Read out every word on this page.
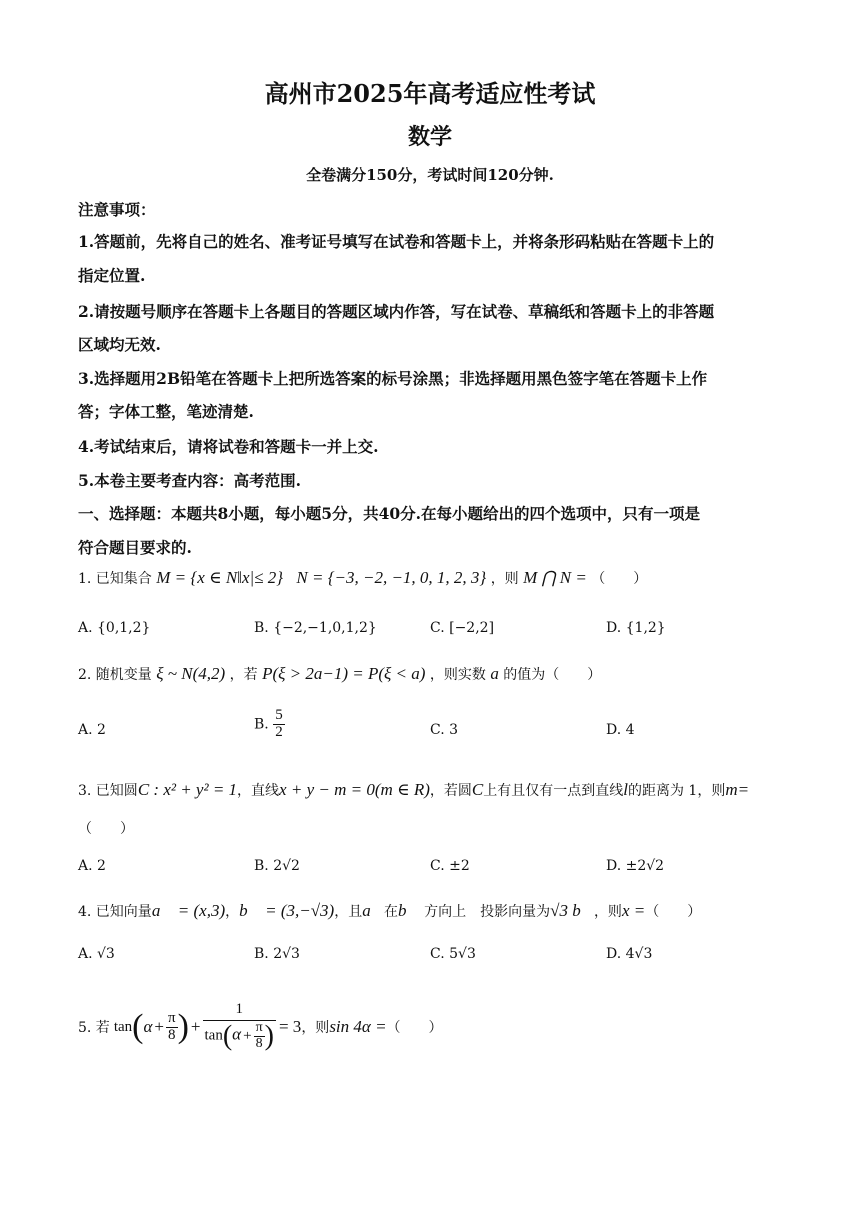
高州市2025年高考适应性考试
数学
全卷满分150分，考试时间120分钟.
注意事项：
1.答题前，先将自己的姓名、准考证号填写在试卷和答题卡上，并将条形码粘贴在答题卡上的
指定位置.
2.请按题号顺序在答题卡上各题目的答题区域内作答，写在试卷、草稿纸和答题卡上的非答题
区域均无效.
3.选择题用2B铅笔在答题卡上把所选答案的标号涂黑；非选择题用黑色签字笔在答题卡上作
答；字体工整，笔迹清楚.
4.考试结束后，请将试卷和答题卡一并上交.
5.本卷主要考查内容：高考范围.
一、选择题：本题共8小题，每小题5分，共40分.在每小题给出的四个选项中，只有一项是
符合题目要求的.
1. 已知集合 M = {x ∈ N‖x|≤ 2} N = {−3, −2, −1, 0, 1, 2, 3} ，则 M ⋂ N = （　　）
A. {0,1,2}	B. {−2,−1,0,1,2}	C. [−2,2]	D. {1,2}
2. 随机变量 ξ ~ N(4,2) ，若 P(ξ > 2a−1) = P(ξ < a) ，则实数 a 的值为（　　）
A. 2	B. $\frac{5}{2}$	C. 3	D. 4
3. 已知圆C : x² + y² = 1，直线x + y − m = 0(m ∈ R)，若圆C上有且仅有一点到直线l的距离为 1，则m=
（　　）
A. 2	B. 2√2	C. ±2	D. ±2√2
4. 已知向量a⃗ = (x,3)，b⃗ = (3,−√3)，且a⃗在b⃗ 方向上　投影向量为√3 b⃗，则x =（　　）
A. √3	B. 2√3	C. 5√3	D. 4√3
5. 若 tan ( $\alpha + \frac{\pi}{8}$ ) + $\frac{1}{\tan(\alpha + \frac{\pi}{8} )} = 3$ ，则 sin 4α = （　　）
